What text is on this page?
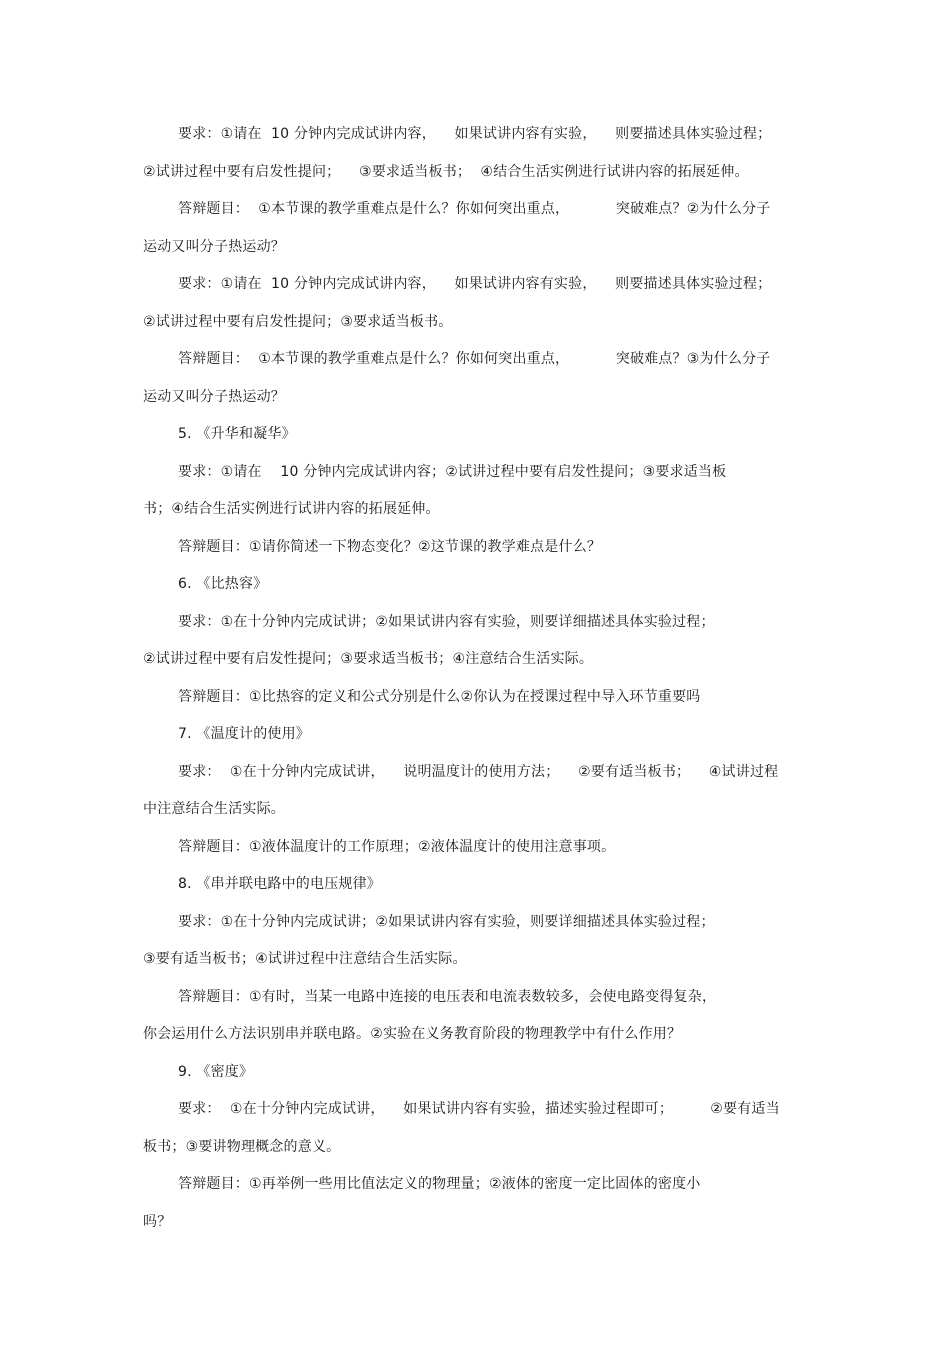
要求：①请在  10 分钟内完成试讲内容，    如果试讲内容有实验，    则要描述具体实验过程；
②试讲过程中要有启发性提问；    ③要求适当板书；  ④结合生活实例进行试讲内容的拓展延伸。
答辩题目：  ①本节课的教学重难点是什么？你如何突出重点，          突破难点？②为什么分子
运动又叫分子热运动？
要求：①请在  10 分钟内完成试讲内容，    如果试讲内容有实验，    则要描述具体实验过程；
②试讲过程中要有启发性提问；③要求适当板书。
答辩题目：  ①本节课的教学重难点是什么？你如何突出重点，          突破难点？③为什么分子
运动又叫分子热运动？
5. 《升华和凝华》
要求：①请在    10 分钟内完成试讲内容；②试讲过程中要有启发性提问；③要求适当板
书；④结合生活实例进行试讲内容的拓展延伸。
答辩题目：①请你简述一下物态变化？②这节课的教学难点是什么？
6. 《比热容》
要求：①在十分钟内完成试讲；②如果试讲内容有实验，则要详细描述具体实验过程；
②试讲过程中要有启发性提问；③要求适当板书；④注意结合生活实际。
答辩题目：①比热容的定义和公式分别是什么②你认为在授课过程中导入环节重要吗
7. 《温度计的使用》
要求：  ①在十分钟内完成试讲，    说明温度计的使用方法；    ②要有适当板书；    ④试讲过程
中注意结合生活实际。
答辩题目：①液体温度计的工作原理；②液体温度计的使用注意事项。
8. 《串并联电路中的电压规律》
要求：①在十分钟内完成试讲；②如果试讲内容有实验，则要详细描述具体实验过程；
③要有适当板书；④试讲过程中注意结合生活实际。
答辩题目：①有时，当某一电路中连接的电压表和电流表数较多，会使电路变得复杂，
你会运用什么方法识别串并联电路。②实验在义务教育阶段的物理教学中有什么作用？
9. 《密度》
要求：  ①在十分钟内完成试讲，    如果试讲内容有实验，描述实验过程即可；        ②要有适当
板书；③要讲物理概念的意义。
答辩题目：①再举例一些用比值法定义的物理量；②液体的密度一定比固体的密度小
吗？
